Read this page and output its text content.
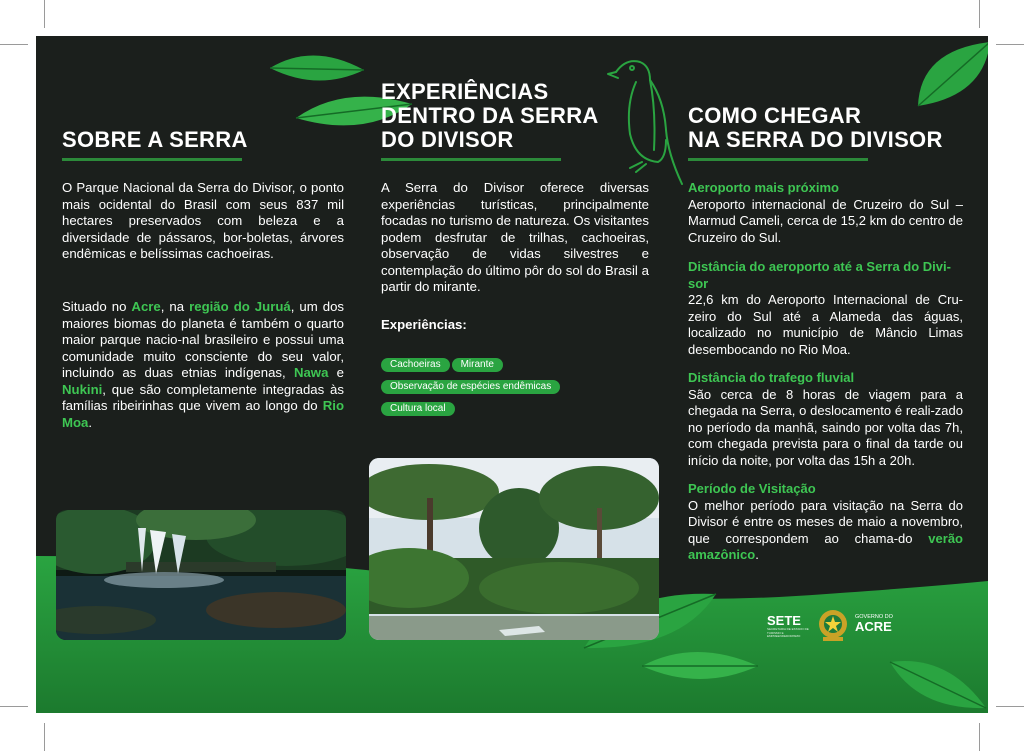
SOBRE A SERRA
O Parque Nacional da Serra do Divisor, o ponto mais ocidental do Brasil com seus 837 mil hectares preservados com beleza e a diversidade de pássaros, bor-boletas, árvores endêmicas e belíssimas cachoeiras.
Situado no Acre, na região do Juruá, um dos maiores biomas do planeta é também o quarto maior parque nacio-nal brasileiro e possui uma comunidade muito consciente do seu valor, incluindo as duas etnias indígenas, Nawa e Nukini, que são completamente integradas às famílias ribeirinhas que vivem ao longo do Rio Moa.
EXPERIÊNCIAS
DENTRO DA SERRA
DO DIVISOR
A Serra do Divisor oferece diversas experiências turísticas, principalmente focadas no turismo de natureza. Os visitantes podem desfrutar de trilhas, cachoeiras, observação de vidas silvestres e contemplação do último pôr do sol do Brasil a partir do mirante.
Experiências:
Cachoeiras Mirante
Observação de espécies endêmicas
Cultura local
COMO CHEGAR
NA SERRA DO DIVISOR
Aeroporto mais próximo
Aeroporto internacional de Cruzeiro do Sul – Marmud Cameli, cerca de 15,2 km do centro de Cruzeiro do Sul.
Distância do aeroporto até a Serra do Divi-sor
22,6 km do Aeroporto Internacional de Cru-zeiro do Sul até a Alameda das águas, localizado no município de Mâncio Limas desembocando no Rio Moa.
Distância do trafego fluvial
São cerca de 8 horas de viagem para a chegada na Serra, o deslocamento é reali-zado no período da manhã, saindo por volta das 7h, com chegada prevista para o final da tarde ou início da noite, por volta das 15h a 20h.
Período de Visitação
O melhor período para visitação na Serra do Divisor é entre os meses de maio a novembro, que correspondem ao chama-do verão amazônico.
SETE
SECRETARIA DE ESTADO DE TURISMO E EMPREENDEDORISMO
GOVERNO DO
ACRE
